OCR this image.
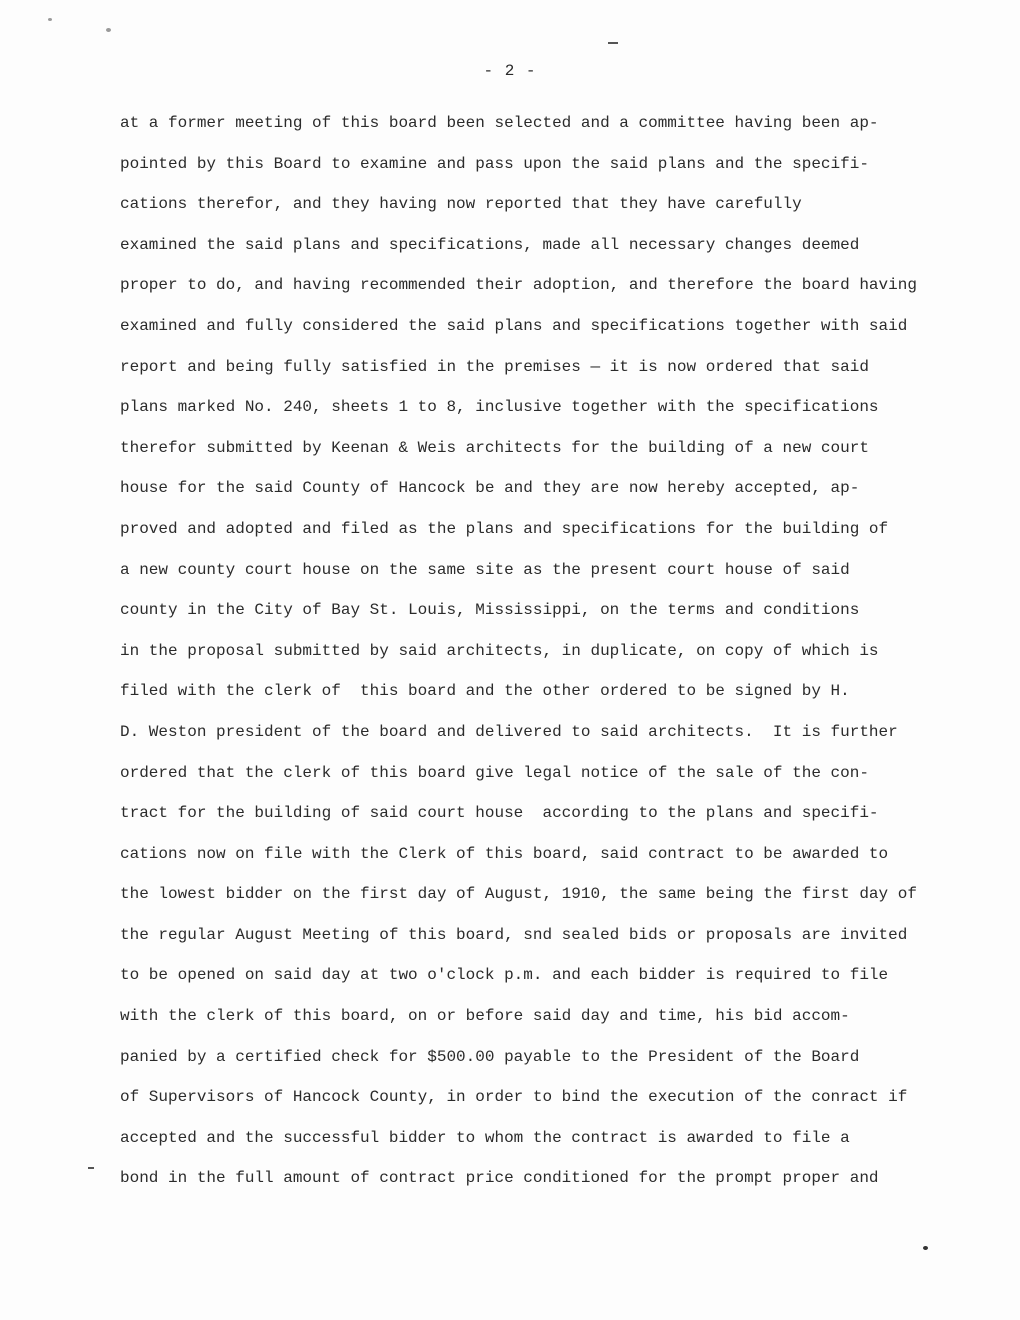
- 2 -
at a former meeting of this board been selected and a committee having been ap-
pointed by this Board to examine and pass upon the said plans and the specifi-
cations therefor, and they having now reported that they have carefully
examined the said plans and specifications, made all necessary changes deemed
proper to do, and having recommended their adoption, and therefore the board having
examined and fully considered the said plans and specifications together with said
report and being fully satisfied in the premises — it is now ordered that said
plans marked No. 240, sheets 1 to 8, inclusive together with the specifications
therefor submitted by Keenan & Weis architects for the building of a new court
house for the said County of Hancock be and they are now hereby accepted, ap-
proved and adopted and filed as the plans and specifications for the building of
a new county court house on the same site as the present court house of said
county in the City of Bay St. Louis, Mississippi, on the terms and conditions
in the proposal submitted by said architects, in duplicate, on copy of which is
filed with the clerk of  this board and the other ordered to be signed by H.
D. Weston president of the board and delivered to said architects.  It is further
ordered that the clerk of this board give legal notice of the sale of the con-
tract for the building of said court house  according to the plans and specifi-
cations now on file with the Clerk of this board, said contract to be awarded to
the lowest bidder on the first day of August, 1910, the same being the first day of
the regular August Meeting of this board, snd sealed bids or proposals are invited
to be opened on said day at two o'clock p.m. and each bidder is required to file
with the clerk of this board, on or before said day and time, his bid accom-
panied by a certified check for $500.00 payable to the President of the Board
of Supervisors of Hancock County, in order to bind the execution of the conract if
accepted and the successful bidder to whom the contract is awarded to file a
bond in the full amount of contract price conditioned for the prompt proper and
